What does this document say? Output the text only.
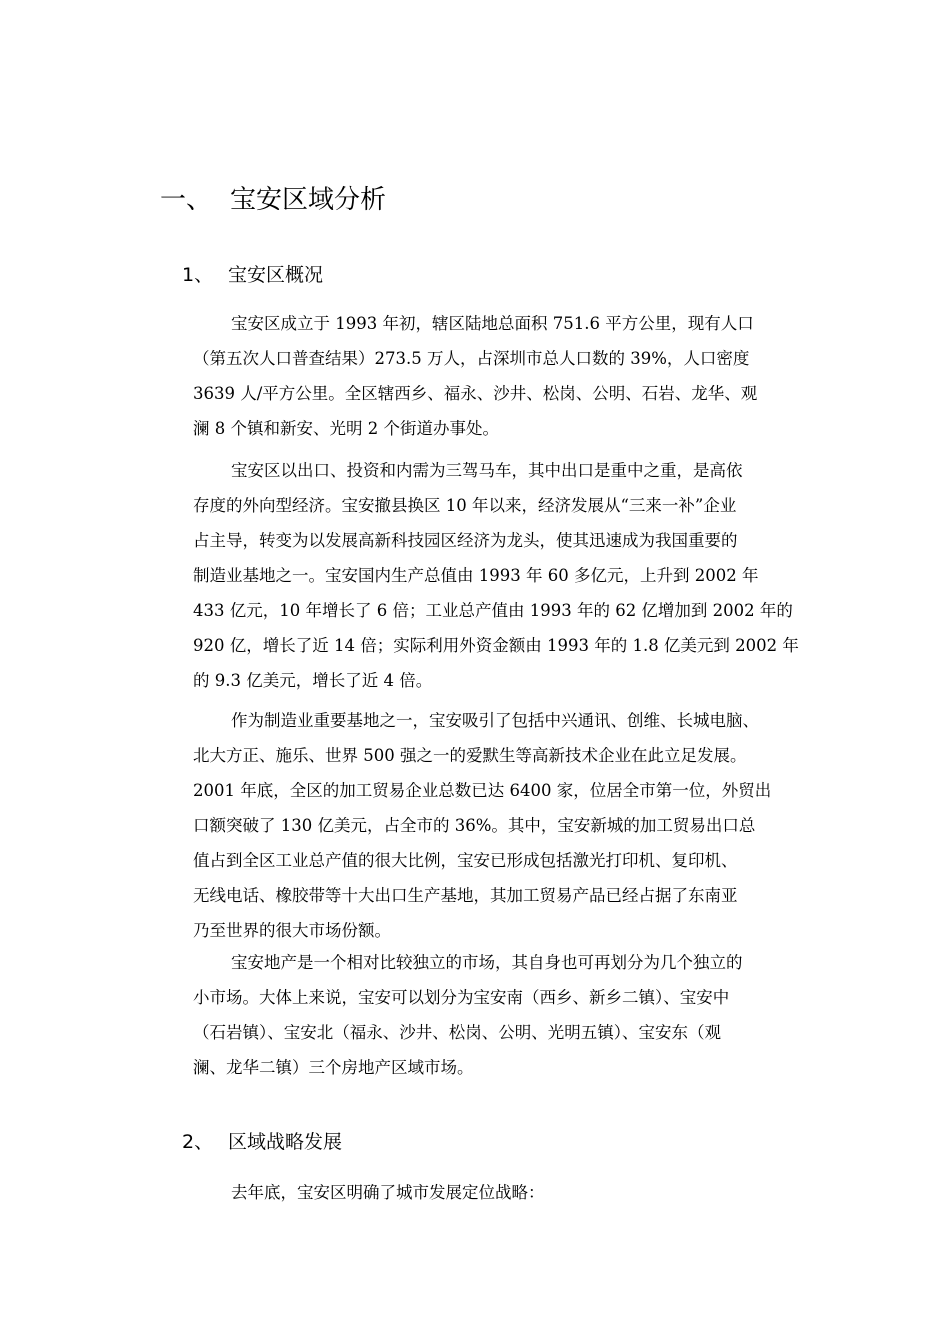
一、 宝安区域分析
1、 宝安区概况
宝安区成立于 1993 年初，辖区陆地总面积 751.6 平方公里，现有人口
（第五次人口普查结果）273.5 万人，占深圳市总人口数的 39%，人口密度
3639 人/平方公里。全区辖西乡、福永、沙井、松岗、公明、石岩、龙华、观
澜 8 个镇和新安、光明 2 个街道办事处。
宝安区以出口、投资和内需为三驾马车，其中出口是重中之重，是高依
存度的外向型经济。宝安撤县换区 10 年以来，经济发展从“三来一补”企业
占主导，转变为以发展高新科技园区经济为龙头，使其迅速成为我国重要的
制造业基地之一。宝安国内生产总值由 1993 年 60 多亿元，上升到 2002 年
433 亿元，10 年增长了 6 倍；工业总产值由 1993 年的 62 亿增加到 2002 年的
920 亿，增长了近 14 倍；实际利用外资金额由 1993 年的 1.8 亿美元到 2002 年
的 9.3 亿美元，增长了近 4 倍。
作为制造业重要基地之一，宝安吸引了包括中兴通讯、创维、长城电脑、
北大方正、施乐、世界 500 强之一的爱默生等高新技术企业在此立足发展。
2001 年底，全区的加工贸易企业总数已达 6400 家，位居全市第一位，外贸出
口额突破了 130 亿美元，占全市的 36%。其中，宝安新城的加工贸易出口总
值占到全区工业总产值的很大比例，宝安已形成包括激光打印机、复印机、
无线电话、橡胶带等十大出口生产基地，其加工贸易产品已经占据了东南亚
乃至世界的很大市场份额。
宝安地产是一个相对比较独立的市场，其自身也可再划分为几个独立的
小市场。大体上来说，宝安可以划分为宝安南（西乡、新乡二镇）、宝安中
（石岩镇）、宝安北（福永、沙井、松岗、公明、光明五镇）、宝安东（观
澜、龙华二镇）三个房地产区域市场。
2、 区域战略发展
去年底，宝安区明确了城市发展定位战略：
